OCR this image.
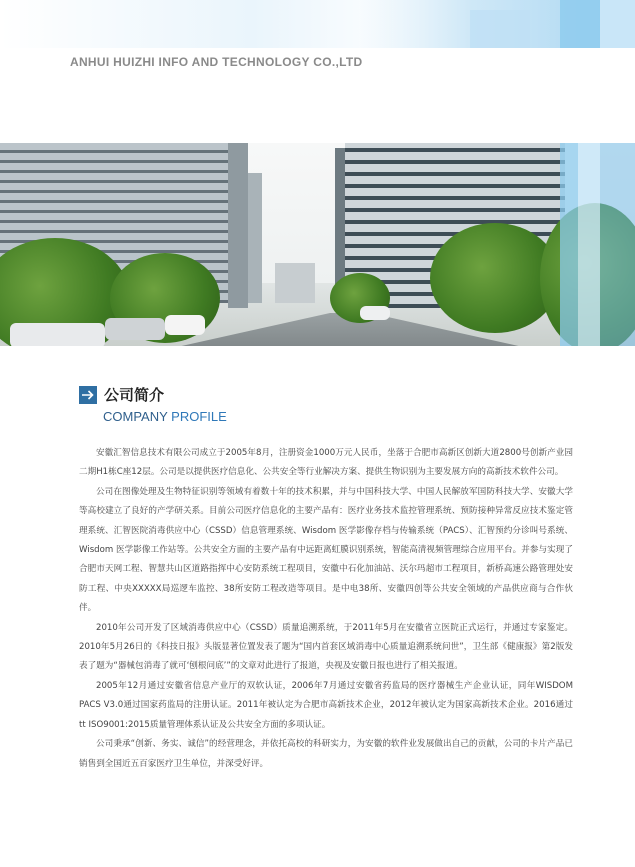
ANHUI HUIZHI INFO AND TECHNOLOGY CO.,LTD
公司简介
COMPANY PROFILE

安徽汇智信息技术有限公司成立于2005年8月，注册资金1000万元人民币，坐落于合肥市高新区创新大道2800号创新产业园二期H1栋C座12层。公司是以提供医疗信息化、公共安全等行业解决方案、提供生物识别为主要发展方向的高新技术软件公司。

公司在图像处理及生物特征识别等领域有着数十年的技术积累，并与中国科技大学、中国人民解放军国防科技大学、安徽大学等高校建立了良好的产学研关系。目前公司医疗信息化的主要产品有：医疗业务技术监控管理系统、预防接种异常反应技术鉴定管理系统、汇智医院消毒供应中心（CSSD）信息管理系统、Wisdom 医学影像存档与传输系统（PACS）、汇智预约分诊叫号系统、Wisdom 医学影像工作站等。公共安全方面的主要产品有中远距离虹膜识别系统，智能高清视频管理综合应用平台。并参与实现了合肥市天网工程、智慧共山区道路指挥中心安防系统工程项目，安徽中石化加油站、沃尔玛超市工程项目，新桥高速公路管理处安防工程、中央XXXXX局巡逻车监控、38所安防工程改造等项目。是中电38所、安徽四创等公共安全领域的产品供应商与合作伙伴。

2010年公司开发了区域消毒供应中心（CSSD）质量追溯系统，于2011年5月在安徽省立医院正式运行，并通过专家鉴定。2010年5月26日的《科技日报》头版显著位置发表了题为“国内首套区域消毒中心质量追溯系统问世”，卫生部《健康报》第2版发表了题为“器械包消毒了就可‘刨根问底’”的文章对此进行了报道，央视及安徽日报也进行了相关报道。

2005年12月通过安徽省信息产业厅的双软认证，2006年7月通过安徽省药监局的医疗器械生产企业认证，同年WISDOM PACS V3.0通过国家药监局的注册认证。2011年被认定为合肥市高新技术企业，2012年被认定为国家高新技术企业。2016通过tt ISO9001:2015质量管理体系认证及公共安全方面的多项认证。

公司秉承“创新、务实、诚信”的经营理念，并依托高校的科研实力，为安徽的软件业发展做出自己的贡献，公司的卡片产品已销售到全国近五百家医疗卫生单位，并深受好评。
